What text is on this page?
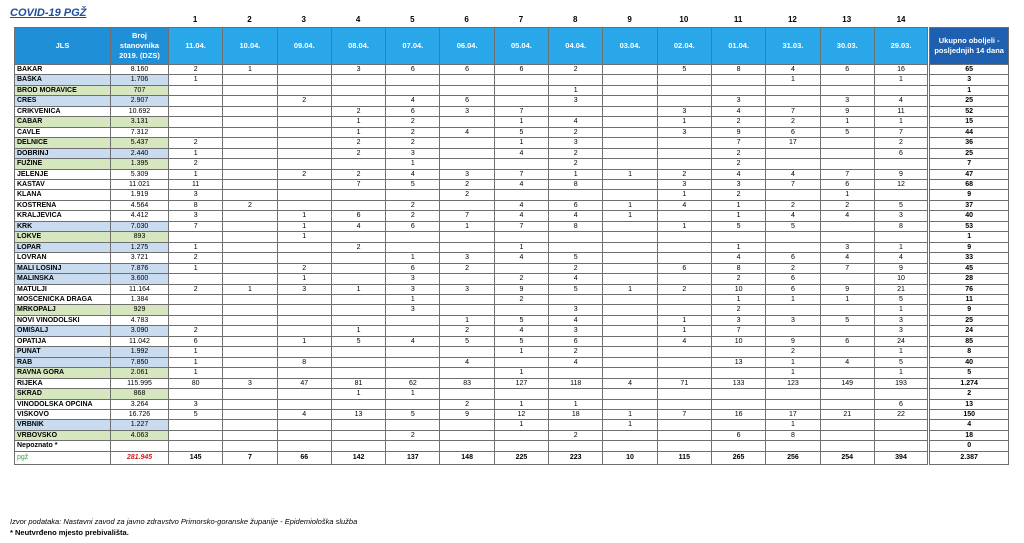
COVID-19 PGŽ
1	2	3	4	5	6	7	8	9	10	11	12	13	14
JLS	Broj stanovnika 2019. (DZS)	11.04.	10.04.	09.04.	08.04.	07.04.	06.04.	05.04.	04.04.	03.04.	02.04.	01.04.	31.03.	30.03.	29.03.	Ukupno oboljeli - posljednjih 14 dana
BAKAR	8.160	2	1		3	6	6	6	2		5	8	4	6	16	65
BAŠKA	1.706	1											1		1	3
BROD MORAVICE	707								1							1
CRES	2.907			2		4	6		3			3		3	4	25
CRIKVENICA	10.692				2	6	3	7			3	4	7	9	11	52
ČABAR	3.131				1	2		1	4		1	2	2	1	1	15
ČAVLE	7.312				1	2	4	5	2		3	9	6	5	7	44
DELNICE	5.437	2			2	2		1	3			7	17		2	36
DOBRINJ	2.440	1			2	3		4	2			2			6	25
FUŽINE	1.395	2				1			2			2				7
JELENJE	5.309	1		2	2	4	3	7	1	1	2	4	4	7	9	47
KASTAV	11.021	11			7	5	2	4	8		3	3	7	6	12	68
KLANA	1.919	3					2				1	2		1		9
KOSTRENA	4.564	8	2			2		4	6	1	4	1	2	2	5	37
KRALJEVICA	4.412	3		1	6	2	7	4	4	1		1	4	4	3	40
KRK	7.030	7		1	4	6	1	7	8		1	5	5		8	53
LOKVE	893			1												1
LOPAR	1.275	1			2			1				1		3	1	9
LOVRAN	3.721	2				1	3	4	5			4	6	4	4	33
MALI LOŠINJ	7.876	1		2		6	2		2		6	8	2	7	9	45
MALINSKA	3.600			1		3		2	4			2	6		10	28
MATULJI	11.164	2	1	3	1	3	3	9	5	1	2	10	6	9	21	76
MOŠĆENIČKA DRAGA	1.384					1		2				1	1	1	5	11
MRKOPALJ	929					3			3			2			1	9
NOVI VINODOLSKI	4.783						1	5	4		1	3	3	5	3	25
OMIŠALJ	3.090	2			1		2	4	3		1	7			3	24
OPATIJA	11.042	6		1	5	4	5	5	6		4	10	9	6	24	85
PUNAT	1.992	1						1	2				2		1	8
RAB	7.850	1		8			4		4			13	1	4	5	40
RAVNA GORA	2.061	1						1					1		1	5
RIJEKA	115.995	80	3	47	81	62	83	127	118	4	71	133	123	149	193	1.274
SKRAD	868				1	1										2
VINODOLSKA OPĆINA	3.264	3					2	1	1						6	13
VIŠKOVO	16.726	5		4	13	5	9	12	18	1	7	16	17	21	22	150
VRBNIK	1.227							1		1			1			4
VRBOVSKO	4.063					2			2			6	8			18
Nepoznato *																0
pgž	281.945	145	7	66	142	137	148	225	223	10	115	265	256	254	394	2.387
Izvor podataka: Nastavni zavod za javno zdravstvo Primorsko-goranske županije - Epidemiološka služba
* Neutvrđeno mjesto prebivališta.
